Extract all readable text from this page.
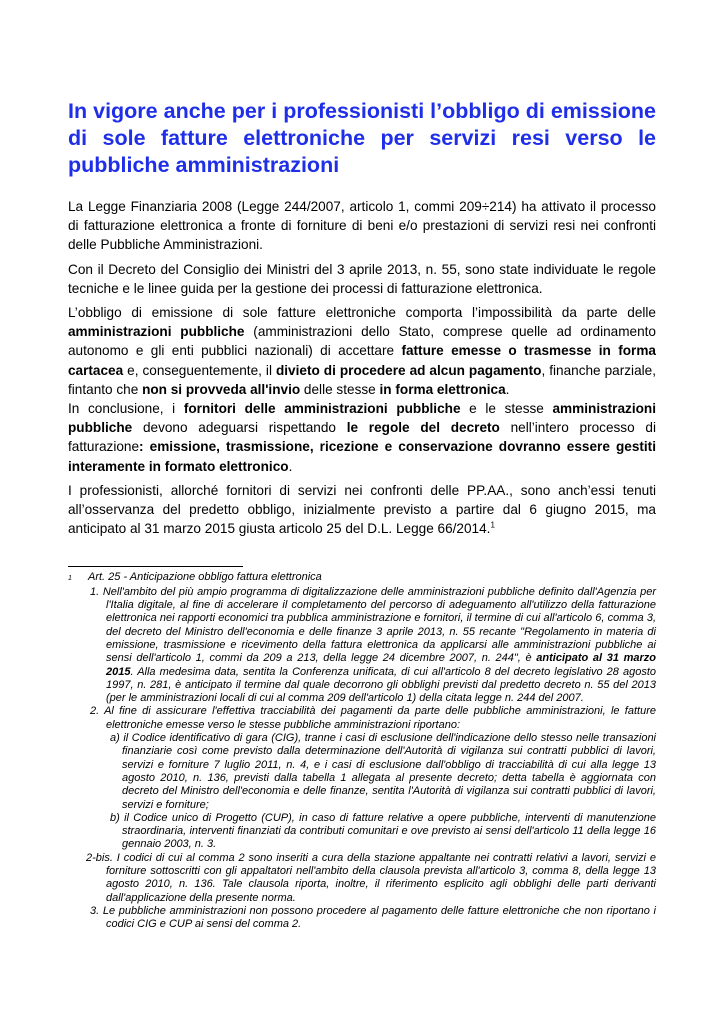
In vigore anche per i professionisti l’obbligo di emissione di sole fatture elettroniche per servizi resi verso le pubbliche amministrazioni

La Legge Finanziaria 2008 (Legge 244/2007, articolo 1, commi 209÷214) ha attivato il processo di fatturazione elettronica a fronte di forniture di beni e/o prestazioni di servizi resi nei confronti delle Pubbliche Amministrazioni.

Con il Decreto del Consiglio dei Ministri del 3 aprile 2013, n. 55, sono state individuate le regole tecniche e le linee guida per la gestione dei processi di fatturazione elettronica.

L’obbligo di emissione di sole fatture elettroniche comporta l’impossibilità da parte delle amministrazioni pubbliche (amministrazioni dello Stato, comprese quelle ad ordinamento autonomo e gli enti pubblici nazionali) di accettare fatture emesse o trasmesse in forma cartacea e, conseguentemente, il divieto di procedere ad alcun pagamento, finanche parziale, fintanto che non si provveda all'invio delle stesse in forma elettronica.

In conclusione, i fornitori delle amministrazioni pubbliche e le stesse amministrazioni pubbliche devono adeguarsi rispettando le regole del decreto nell’intero processo di fatturazione: emissione, trasmissione, ricezione e conservazione dovranno essere gestiti interamente in formato elettronico.

I professionisti, allorché fornitori di servizi nei confronti delle PP.AA., sono anch’essi tenuti all’osservanza del predetto obbligo, inizialmente previsto a partire dal 6 giugno 2015, ma anticipato al 31 marzo 2015 giusta articolo 25 del D.L. Legge 66/2014.$^1$

1	Art. 25 - Anticipazione obbligo fattura elettronica
1. Nell'ambito del più ampio programma di digitalizzazione delle amministrazioni pubbliche definito dall'Agenzia per l'Italia digitale, al fine di accelerare il completamento del percorso di adeguamento all'utilizzo della fatturazione elettronica nei rapporti economici tra pubblica amministrazione e fornitori, il termine di cui all'articolo 6, comma 3, del decreto del Ministro dell'economia e delle finanze 3 aprile 2013, n. 55 recante "Regolamento in materia di emissione, trasmissione e ricevimento della fattura elettronica da applicarsi alle amministrazioni pubbliche ai sensi dell'articolo 1, commi da 209 a 213, della legge 24 dicembre 2007, n. 244", è anticipato al 31 marzo 2015. Alla medesima data, sentita la Conferenza unificata, di cui all'articolo 8 del decreto legislativo 28 agosto 1997, n. 281, è anticipato il termine dal quale decorrono gli obblighi previsti dal predetto decreto n. 55 del 2013 (per le amministrazioni locali di cui al comma 209 dell'articolo 1) della citata legge n. 244 del 2007.
2. Al fine di assicurare l'effettiva tracciabilità dei pagamenti da parte delle pubbliche amministrazioni, le fatture elettroniche emesse verso le stesse pubbliche amministrazioni riportano:
a) il Codice identificativo di gara (CIG), tranne i casi di esclusione dell'indicazione dello stesso nelle transazioni finanziarie così come previsto dalla determinazione dell'Autorità di vigilanza sui contratti pubblici di lavori, servizi e forniture 7 luglio 2011, n. 4, e i casi di esclusione dall'obbligo di tracciabilità di cui alla legge 13 agosto 2010, n. 136, previsti dalla tabella 1 allegata al presente decreto; detta tabella è aggiornata con decreto del Ministro dell'economia e delle finanze, sentita l'Autorità di vigilanza sui contratti pubblici di lavori, servizi e forniture;
b) il Codice unico di Progetto (CUP), in caso di fatture relative a opere pubbliche, interventi di manutenzione straordinaria, interventi finanziati da contributi comunitari e ove previsto ai sensi dell'articolo 11 della legge 16 gennaio 2003, n. 3.
2-bis. I codici di cui al comma 2 sono inseriti a cura della stazione appaltante nei contratti relativi a lavori, servizi e forniture sottoscritti con gli appaltatori nell'ambito della clausola prevista all'articolo 3, comma 8, della legge 13 agosto 2010, n. 136. Tale clausola riporta, inoltre, il riferimento esplicito agli obblighi delle parti derivanti dall'applicazione della presente norma.
3. Le pubbliche amministrazioni non possono procedere al pagamento delle fatture elettroniche che non riportano i codici CIG e CUP ai sensi del comma 2.
